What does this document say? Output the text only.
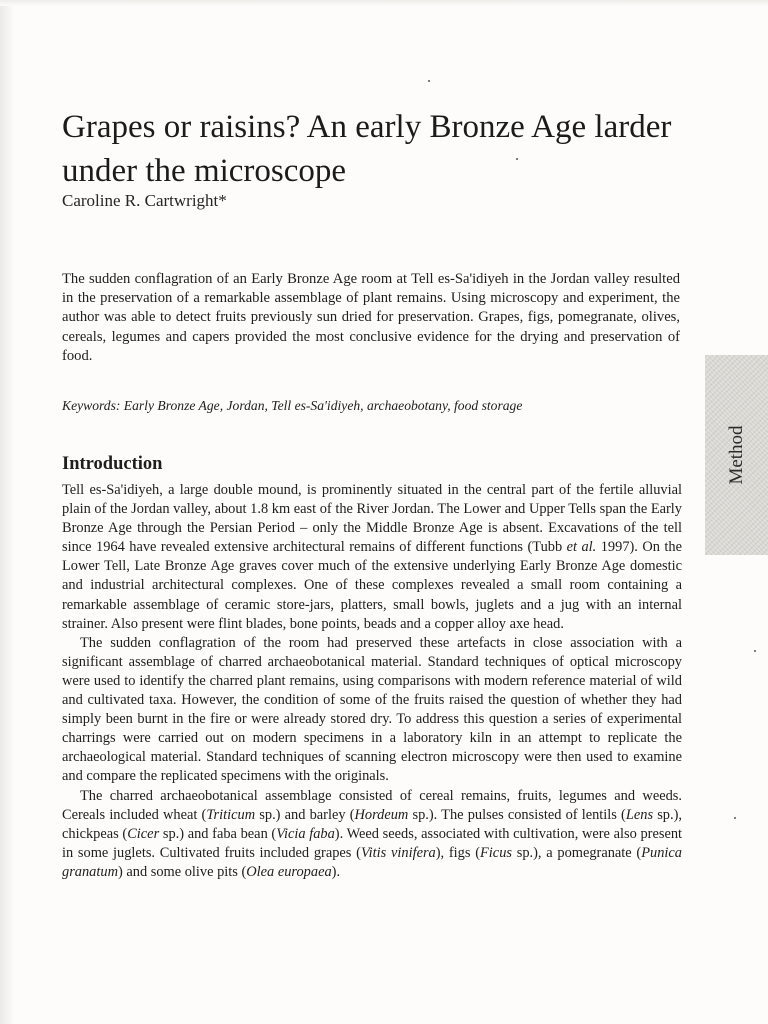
Grapes or raisins? An early Bronze Age larder under the microscope

Caroline R. Cartwright*

The sudden conflagration of an Early Bronze Age room at Tell es-Sa'idiyeh in the Jordan valley resulted in the preservation of a remarkable assemblage of plant remains. Using microscopy and experiment, the author was able to detect fruits previously sun dried for preservation. Grapes, figs, pomegranate, olives, cereals, legumes and capers provided the most conclusive evidence for the drying and preservation of food.

Keywords: Early Bronze Age, Jordan, Tell es-Sa'idiyeh, archaeobotany, food storage

Introduction

Tell es-Sa'idiyeh, a large double mound, is prominently situated in the central part of the fertile alluvial plain of the Jordan valley, about 1.8 km east of the River Jordan. The Lower and Upper Tells span the Early Bronze Age through the Persian Period – only the Middle Bronze Age is absent. Excavations of the tell since 1964 have revealed extensive architectural remains of different functions (Tubb et al. 1997). On the Lower Tell, Late Bronze Age graves cover much of the extensive underlying Early Bronze Age domestic and industrial architectural complexes. One of these complexes revealed a small room containing a remarkable assemblage of ceramic store-jars, platters, small bowls, juglets and a jug with an internal strainer. Also present were flint blades, bone points, beads and a copper alloy axe head.

The sudden conflagration of the room had preserved these artefacts in close association with a significant assemblage of charred archaeobotanical material. Standard techniques of optical microscopy were used to identify the charred plant remains, using comparisons with modern reference material of wild and cultivated taxa. However, the condition of some of the fruits raised the question of whether they had simply been burnt in the fire or were already stored dry. To address this question a series of experimental charrings were carried out on modern specimens in a laboratory kiln in an attempt to replicate the archaeological material. Standard techniques of scanning electron microscopy were then used to examine and compare the replicated specimens with the originals.

The charred archaeobotanical assemblage consisted of cereal remains, fruits, legumes and weeds. Cereals included wheat (Triticum sp.) and barley (Hordeum sp.). The pulses consisted of lentils (Lens sp.), chickpeas (Cicer sp.) and faba bean (Vicia faba). Weed seeds, associated with cultivation, were also present in some juglets. Cultivated fruits included grapes (Vitis vinifera), figs (Ficus sp.), a pomegranate (Punica granatum) and some olive pits (Olea europaea).

Method
